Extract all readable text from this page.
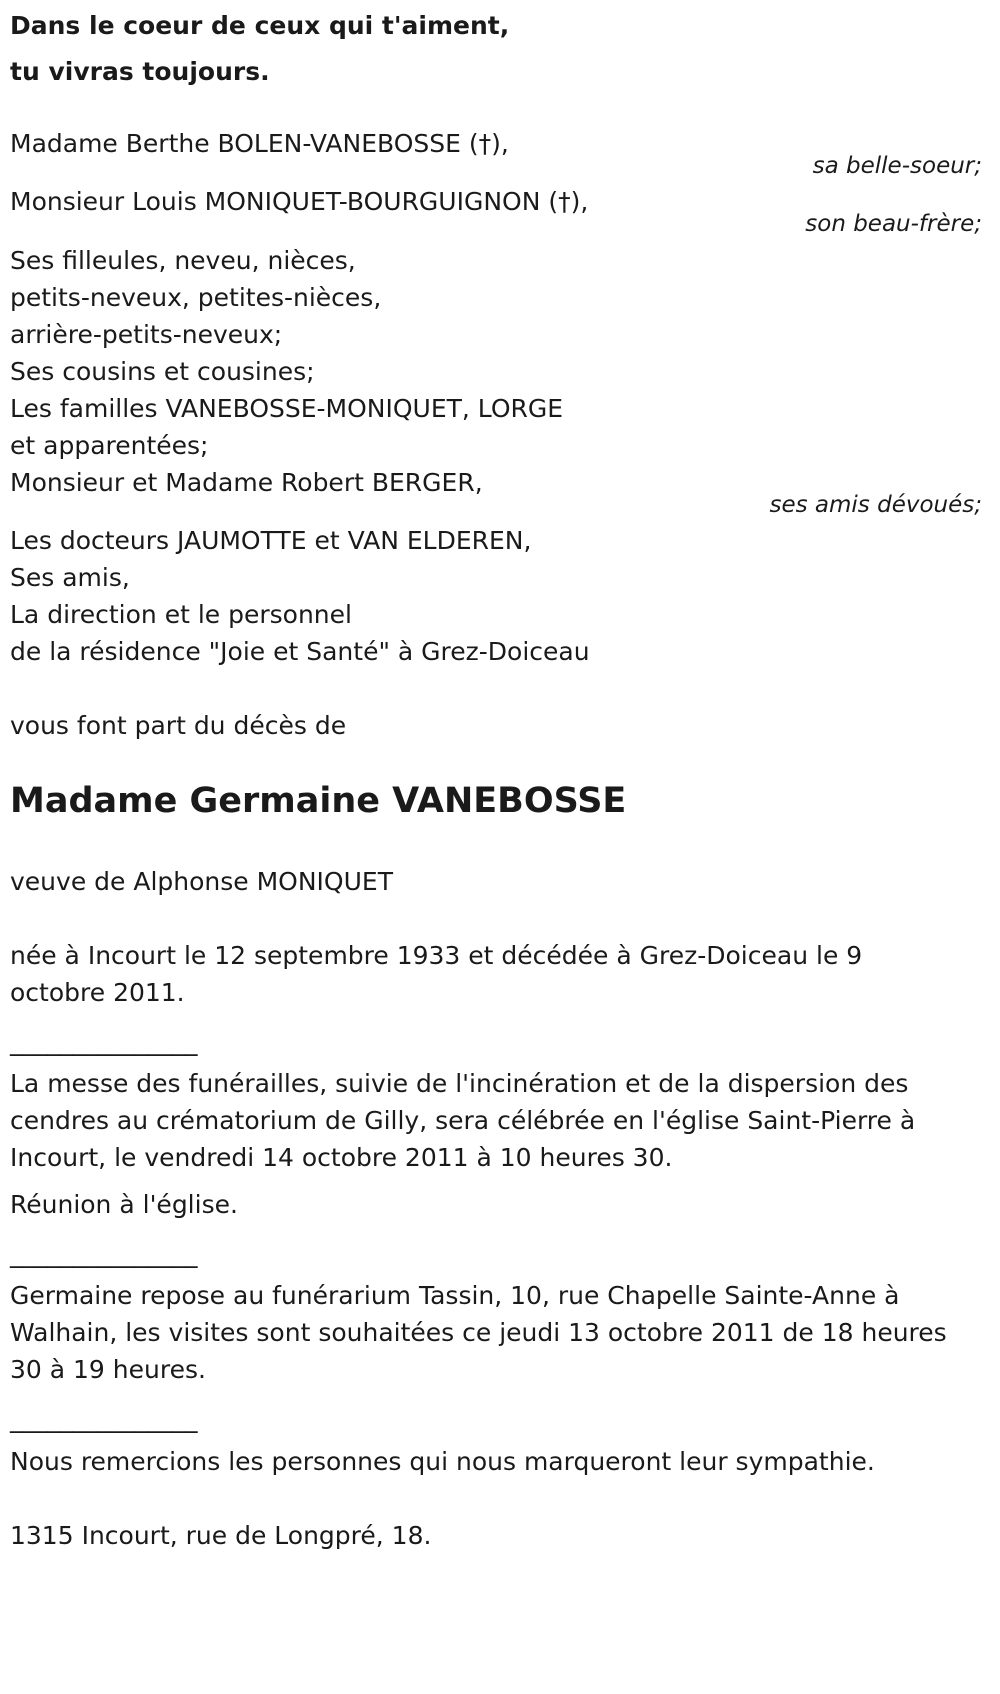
Dans le coeur de ceux qui t'aiment,
tu vivras toujours.
Madame Berthe BOLEN-VANEBOSSE (†),
sa belle-soeur;
Monsieur Louis MONIQUET-BOURGUIGNON (†),
son beau-frère;
Ses filleules, neveu, nièces,
petits-neveux, petites-nièces,
arrière-petits-neveux;
Ses cousins et cousines;
Les familles VANEBOSSE-MONIQUET, LORGE
et apparentées;
Monsieur et Madame Robert BERGER,
ses amis dévoués;
Les docteurs JAUMOTTE et VAN ELDEREN,
Ses amis,
La direction et le personnel
de la résidence "Joie et Santé" à Grez-Doiceau
vous font part du décès de
Madame Germaine VANEBOSSE
veuve de Alphonse MONIQUET
née à Incourt le 12 septembre 1933 et décédée à Grez-Doiceau le 9
octobre 2011.
_______________
La messe des funérailles, suivie de l'incinération et de la dispersion des
cendres au crématorium de Gilly, sera célébrée en l'église Saint-Pierre à
Incourt, le vendredi 14 octobre 2011 à 10 heures 30.
Réunion à l'église.
_______________
Germaine repose au funérarium Tassin, 10, rue Chapelle Sainte-Anne à
Walhain, les visites sont souhaitées ce jeudi 13 octobre 2011 de 18 heures
30 à 19 heures.
_______________
Nous remercions les personnes qui nous marqueront leur sympathie.
1315 Incourt, rue de Longpré, 18.
